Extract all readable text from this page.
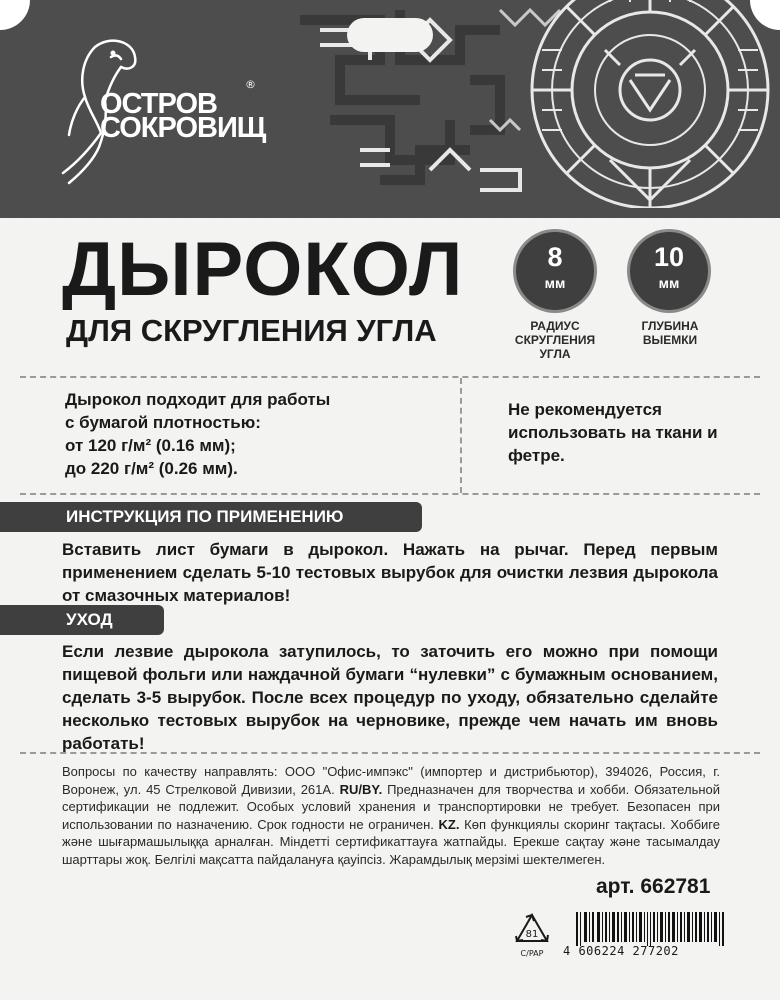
ОСТРОВ
СОКРОВИЩ
®
ДЫРОКОЛ
ДЛЯ СКРУГЛЕНИЯ УГЛА
8
мм
РАДИУС СКРУГЛЕНИЯ УГЛА
10
мм
ГЛУБИНА ВЫЕМКИ
Дырокол подходит для работы
с бумагой плотностью:
от 120 г/м² (0.16 мм);
до 220 г/м² (0.26 мм).
Не рекомендуется использовать на ткани и фетре.
ИНСТРУКЦИЯ ПО ПРИМЕНЕНИЮ
Вставить лист бумаги в дырокол. Нажать на рычаг. Перед первым применением сделать 5-10 тестовых вырубок для очистки лезвия дырокола от смазочных материалов!
УХОД
Если лезвие дырокола затупилось, то заточить его можно при помощи пищевой фольги или наждачной бумаги “нулевки” с бумажным основанием, сделать 3-5 вырубок. После всех процедур по уходу, обязательно сделайте несколько тестовых вырубок на черновике, прежде чем начать им вновь работать!
Вопросы по качеству направлять: ООО "Офис-импэкс" (импортер и дистрибьютор), 394026, Россия, г. Воронеж, ул. 45 Стрелковой Дивизии, 261А. RU/BY. Предназначен для творчества и хобби. Обязательной сертификации не подлежит. Особых условий хранения и транспортировки не требует. Безопасен при использовании по назначению. Срок годности не ограничен. KZ. Көп функциялы скоринг тақтасы. Хоббиге және шығармашылыққа арналған. Міндетті сертификаттауға жатпайды. Ерекше сақтау және тасымалдау шарттары жоқ. Белгілі мақсатта пайдалануға қауіпсіз. Жарамдылық мерзімі шектелмеген.
арт. 662781
81
C/PAP 4 606224 277202
